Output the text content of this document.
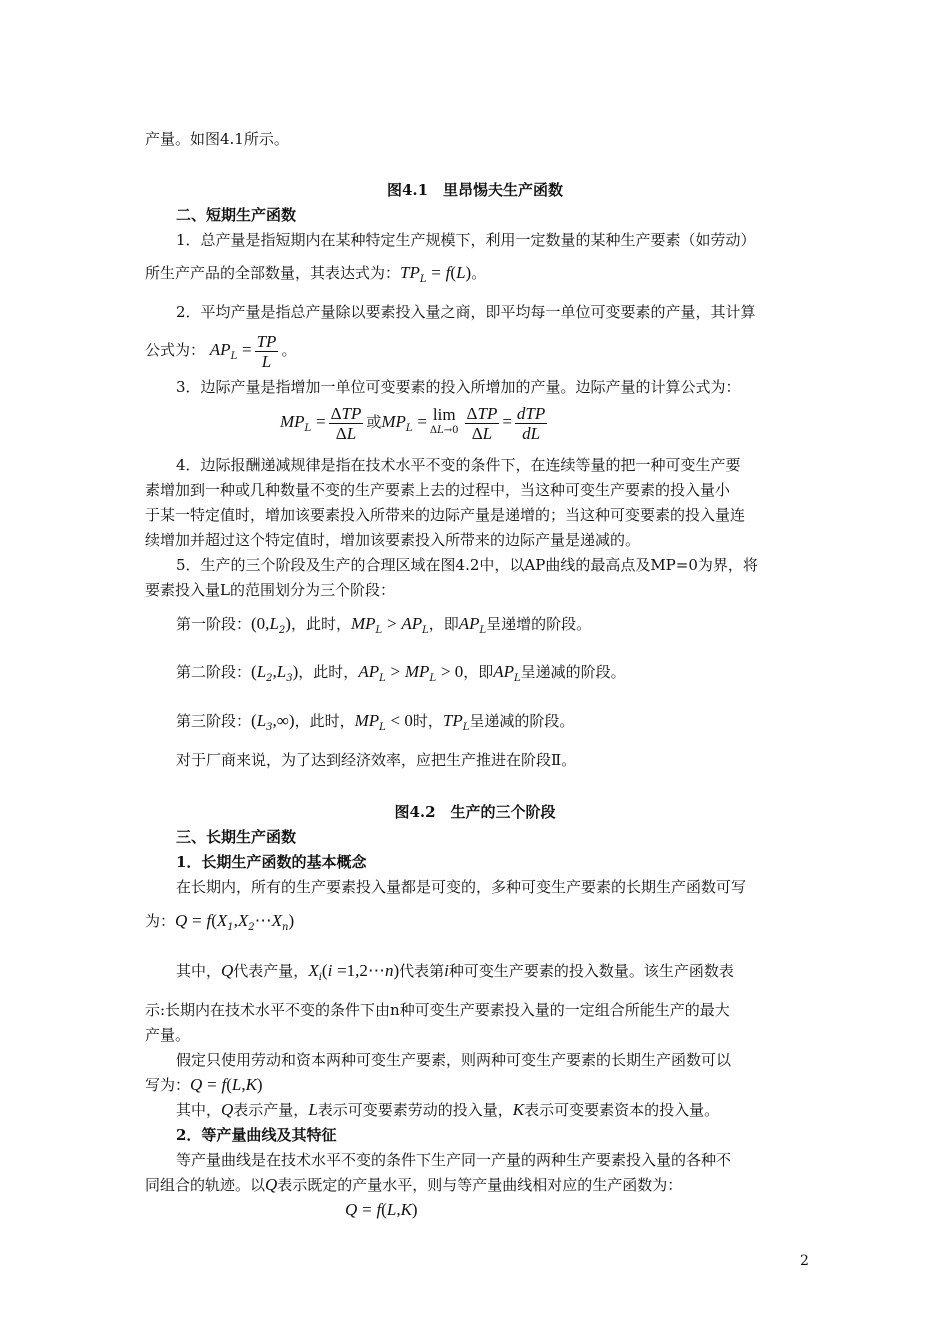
产量。如图4.1所示。
图4.1　里昂惕夫生产函数
二、短期生产函数
1．总产量是指短期内在某种特定生产规模下，利用一定数量的某种生产要素（如劳动）
所生产产品的全部数量，其表达式为：$TP_L = f(L)$。
2．平均产量是指总产量除以要素投入量之商，即平均每一单位可变要素的产量，其计算
公式为： $AP_L = \frac{TP}{L}$ 。
3．边际产量是指增加一单位可变要素的投入所增加的产量。边际产量的计算公式为：
$MP_L = \frac{\text{ΔTP}}{\Delta L}$ 或$MP_L = \lim$
$\Delta L\to 0 \frac{\text{ΔTP}}{\Delta L} = \frac{\text{dTP}}{dL}$
4．边际报酬递减规律是指在技术水平不变的条件下，在连续等量的把一种可变生产要
素增加到一种或几种数量不变的生产要素上去的过程中，当这种可变生产要素的投入量小
于某一特定值时，增加该要素投入所带来的边际产量是递增的；当这种可变要素的投入量连
续增加并超过这个特定值时，增加该要素投入所带来的边际产量是递减的。
5．生产的三个阶段及生产的合理区域在图4.2中，以AP曲线的最高点及MP=0为界，将
要素投入量L的范围划分为三个阶段：
第一阶段：$(0,L_2)$，此时，$MP_L > AP_L$，即$AP_L$呈递增的阶段。
第二阶段：$(L_2,L_3)$，此时，$AP_L > MP_L > 0$，即$AP_L$呈递减的阶段。
第三阶段：$(L_3,\infty)$，此时，$MP_L < 0$时，$TP_L$呈递减的阶段。
对于厂商来说，为了达到经济效率，应把生产推进在阶段Ⅱ。
图4.2　生产的三个阶段
三、长期生产函数
1．长期生产函数的基本概念
在长期内，所有的生产要素投入量都是可变的，多种可变生产要素的长期生产函数可写
为：$Q = f(X_1,X_2\cdots X_n)$
其中，Q代表产量，$X_i(i$ =1,2⋯n)代表第i种可变生产要素的投入数量。该生产函数表
示:长期内在技术水平不变的条件下由n种可变生产要素投入量的一定组合所能生产的最大
产量。
假定只使用劳动和资本两种可变生产要素，则两种可变生产要素的长期生产函数可以
写为：Q = f(L,K)
其中，Q表示产量，L表示可变要素劳动的投入量，K表示可变要素资本的投入量。
2．等产量曲线及其特征
等产量曲线是在技术水平不变的条件下生产同一产量的两种生产要素投入量的各种不
同组合的轨迹。以Q表示既定的产量水平，则与等产量曲线相对应的生产函数为：
Q = f(L,K)
2
